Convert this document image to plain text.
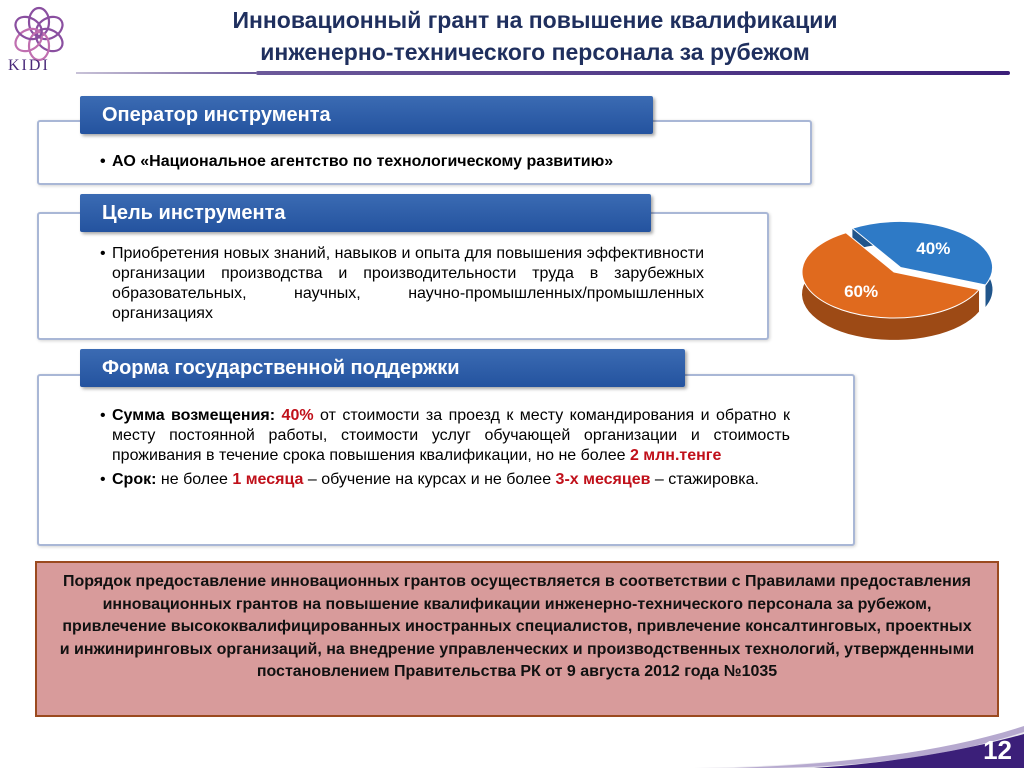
KIDI
Инновационный грант на повышение квалификации
инженерно-технического персонала за рубежом
Оператор инструмента
• АО «Национальное агентство по технологическому развитию»
Цель инструмента
• Приобретения новых знаний, навыков и опыта для повышения эффективности организации производства и производительности труда в зарубежных образовательных, научных, научно-промышленных/промышленных организациях
40%
60%
Форма государственной поддержки
• Сумма возмещения: 40% от стоимости за проезд к месту командирования и обратно к месту постоянной работы, стоимости услуг обучающей организации и стоимость проживания в течение срока повышения квалификации, но не более 2 млн.тенге
• Срок: не более 1 месяца – обучение на курсах и не более 3-х месяцев – стажировка.
Порядок предоставление инновационных грантов осуществляется в соответствии с Правилами предоставления инновационных грантов на повышение квалификации инженерно-технического персонала за рубежом, привлечение высококвалифицированных иностранных специалистов, привлечение консалтинговых, проектных и инжиниринговых организаций, на внедрение управленческих и производственных технологий, утвержденными постановлением Правительства РК от 9 августа 2012 года №1035
12
